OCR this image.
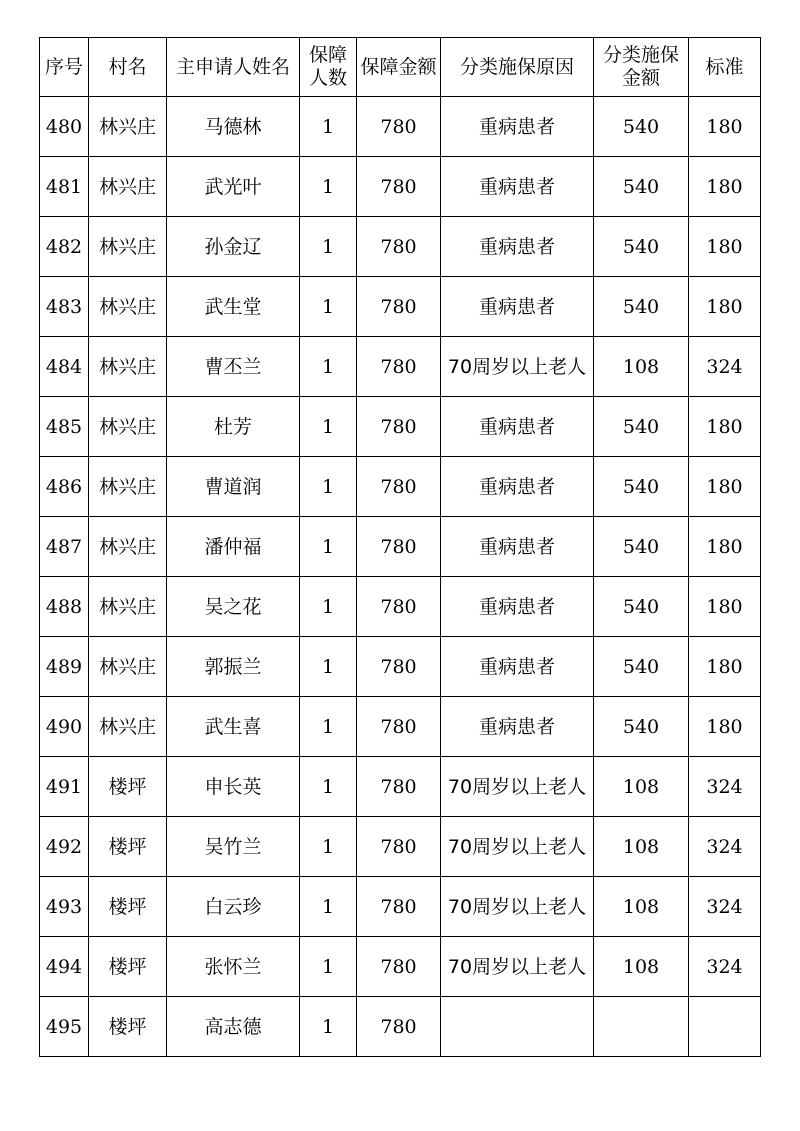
序号	村名	主申请人姓名	保障人数	保障金额	分类施保原因	分类施保金额	标准
480	林兴庄	马德林	1	780	重病患者	540	180
481	林兴庄	武光叶	1	780	重病患者	540	180
482	林兴庄	孙金辽	1	780	重病患者	540	180
483	林兴庄	武生堂	1	780	重病患者	540	180
484	林兴庄	曹丕兰	1	780	70周岁以上老人	108	324
485	林兴庄	杜芳	1	780	重病患者	540	180
486	林兴庄	曹道润	1	780	重病患者	540	180
487	林兴庄	潘仲福	1	780	重病患者	540	180
488	林兴庄	吴之花	1	780	重病患者	540	180
489	林兴庄	郭振兰	1	780	重病患者	540	180
490	林兴庄	武生喜	1	780	重病患者	540	180
491	楼坪	申长英	1	780	70周岁以上老人	108	324
492	楼坪	吴竹兰	1	780	70周岁以上老人	108	324
493	楼坪	白云珍	1	780	70周岁以上老人	108	324
494	楼坪	张怀兰	1	780	70周岁以上老人	108	324
495	楼坪	高志德	1	780			
